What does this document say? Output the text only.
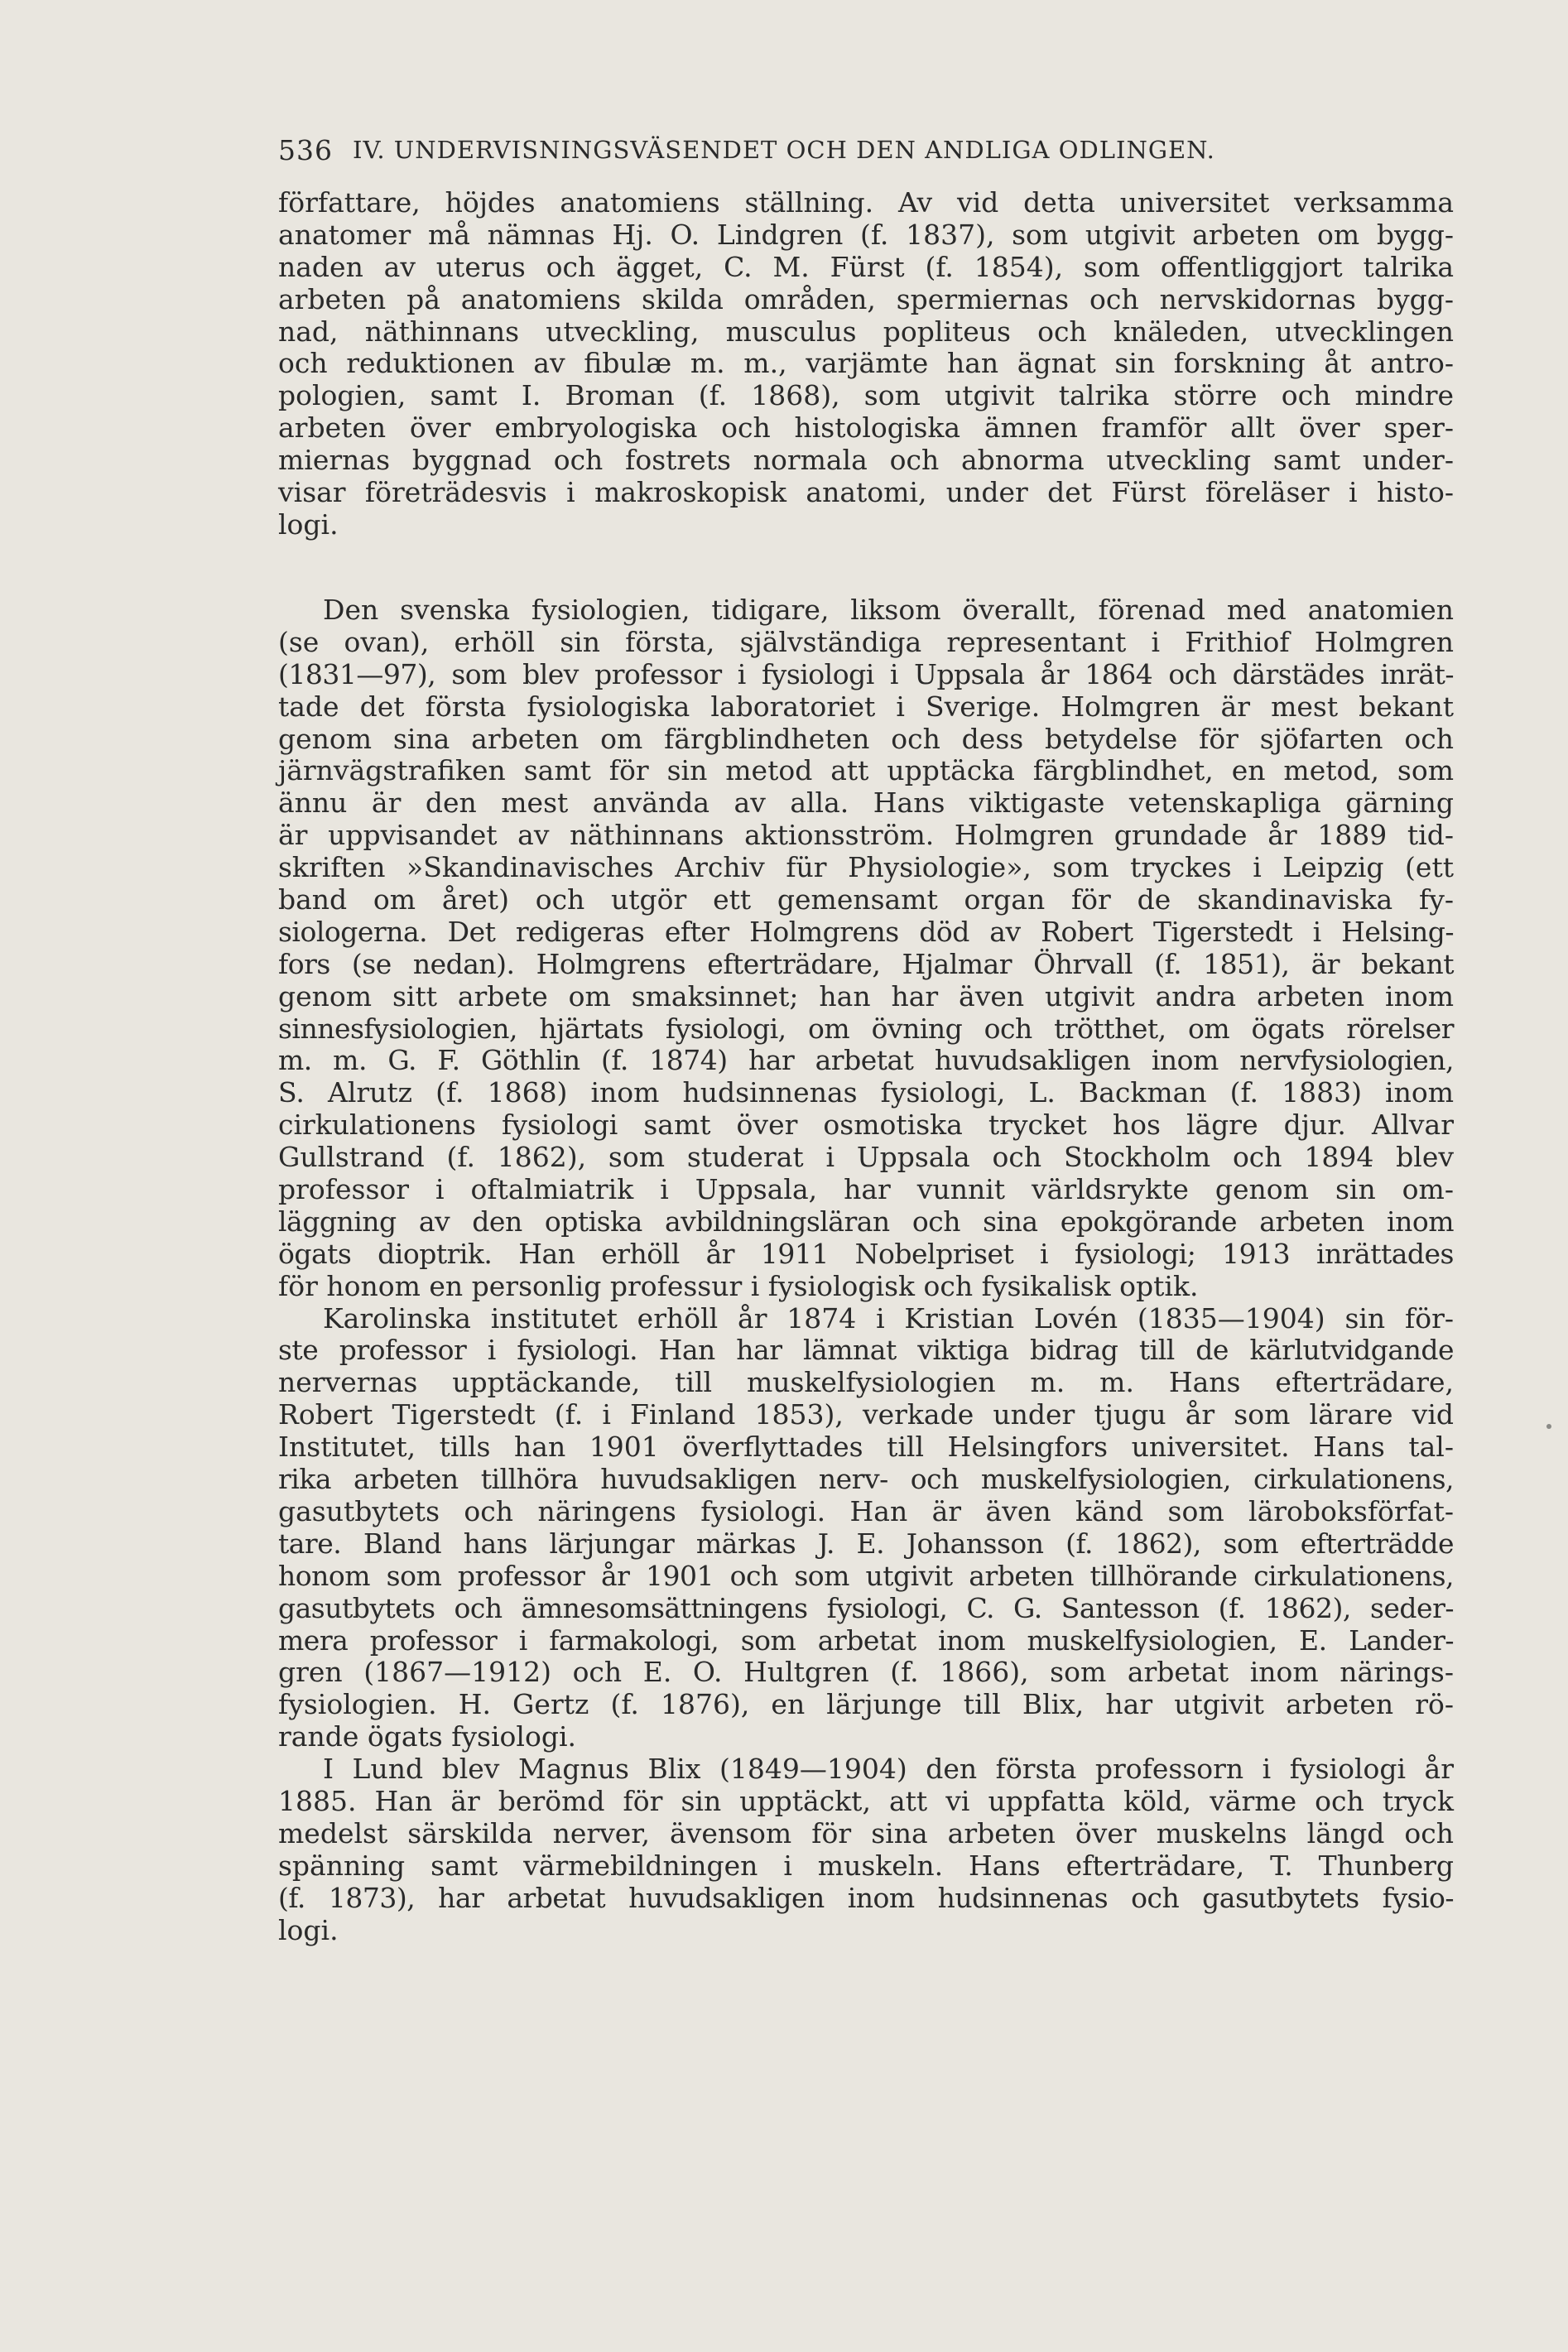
536 IV. UNDERVISNINGSVÄSENDET OCH DEN ANDLIGA ODLINGEN.
författare, höjdes anatomiens ställning. Av vid detta universitet verksamma
anatomer må nämnas Hj. O. Lindgren (f. 1837), som utgivit arbeten om bygg-
naden av uterus och ägget, C. M. Fürst (f. 1854), som offentliggjort talrika
arbeten på anatomiens skilda områden, spermiernas och nervskidornas bygg-
nad, näthinnans utveckling, musculus popliteus och knäleden, utvecklingen
och reduktionen av fibulæ m. m., varjämte han ägnat sin forskning åt antro-
pologien, samt I. Broman (f. 1868), som utgivit talrika större och mindre
arbeten över embryologiska och histologiska ämnen framför allt över sper-
miernas byggnad och fostrets normala och abnorma utveckling samt under-
visar företrädesvis i makroskopisk anatomi, under det Fürst föreläser i histo-
logi.
Den svenska fysiologien, tidigare, liksom överallt, förenad med anatomien
(se ovan), erhöll sin första, självständiga representant i Frithiof Holmgren
(1831—97), som blev professor i fysiologi i Uppsala år 1864 och därstädes inrät-
tade det första fysiologiska laboratoriet i Sverige. Holmgren är mest bekant
genom sina arbeten om färgblindheten och dess betydelse för sjöfarten och
järnvägstrafiken samt för sin metod att upptäcka färgblindhet, en metod, som
ännu är den mest använda av alla. Hans viktigaste vetenskapliga gärning
är uppvisandet av näthinnans aktionsström. Holmgren grundade år 1889 tid-
skriften »Skandinavisches Archiv für Physiologie», som tryckes i Leipzig (ett
band om året) och utgör ett gemensamt organ för de skandinaviska fy-
siologerna. Det redigeras efter Holmgrens död av Robert Tigerstedt i Helsing-
fors (se nedan). Holmgrens efterträdare, Hjalmar Öhrvall (f. 1851), är bekant
genom sitt arbete om smaksinnet; han har även utgivit andra arbeten inom
sinnesfysiologien, hjärtats fysiologi, om övning och trötthet, om ögats rörelser
m. m. G. F. Göthlin (f. 1874) har arbetat huvudsakligen inom nervfysiologien,
S. Alrutz (f. 1868) inom hudsinnenas fysiologi, L. Backman (f. 1883) inom
cirkulationens fysiologi samt över osmotiska trycket hos lägre djur. Allvar
Gullstrand (f. 1862), som studerat i Uppsala och Stockholm och 1894 blev
professor i oftalmiatrik i Uppsala, har vunnit världsrykte genom sin om-
läggning av den optiska avbildningsläran och sina epokgörande arbeten inom
ögats dioptrik. Han erhöll år 1911 Nobelpriset i fysiologi; 1913 inrättades
för honom en personlig professur i fysiologisk och fysikalisk optik.
Karolinska institutet erhöll år 1874 i Kristian Lovén (1835—1904) sin för-
ste professor i fysiologi. Han har lämnat viktiga bidrag till de kärlutvidgande
nervernas upptäckande, till muskelfysiologien m. m. Hans efterträdare,
Robert Tigerstedt (f. i Finland 1853), verkade under tjugu år som lärare vid
Institutet, tills han 1901 överflyttades till Helsingfors universitet. Hans tal-
rika arbeten tillhöra huvudsakligen nerv- och muskelfysiologien, cirkulationens,
gasutbytets och näringens fysiologi. Han är även känd som läroboksförfat-
tare. Bland hans lärjungar märkas J. E. Johansson (f. 1862), som efterträdde
honom som professor år 1901 och som utgivit arbeten tillhörande cirkulationens,
gasutbytets och ämnesomsättningens fysiologi, C. G. Santesson (f. 1862), seder-
mera professor i farmakologi, som arbetat inom muskelfysiologien, E. Lander-
gren (1867—1912) och E. O. Hultgren (f. 1866), som arbetat inom närings-
fysiologien. H. Gertz (f. 1876), en lärjunge till Blix, har utgivit arbeten rö-
rande ögats fysiologi.
I Lund blev Magnus Blix (1849—1904) den första professorn i fysiologi år
1885. Han är berömd för sin upptäckt, att vi uppfatta köld, värme och tryck
medelst särskilda nerver, ävensom för sina arbeten över muskelns längd och
spänning samt värmebildningen i muskeln. Hans efterträdare, T. Thunberg
(f. 1873), har arbetat huvudsakligen inom hudsinnenas och gasutbytets fysio-
logi.
